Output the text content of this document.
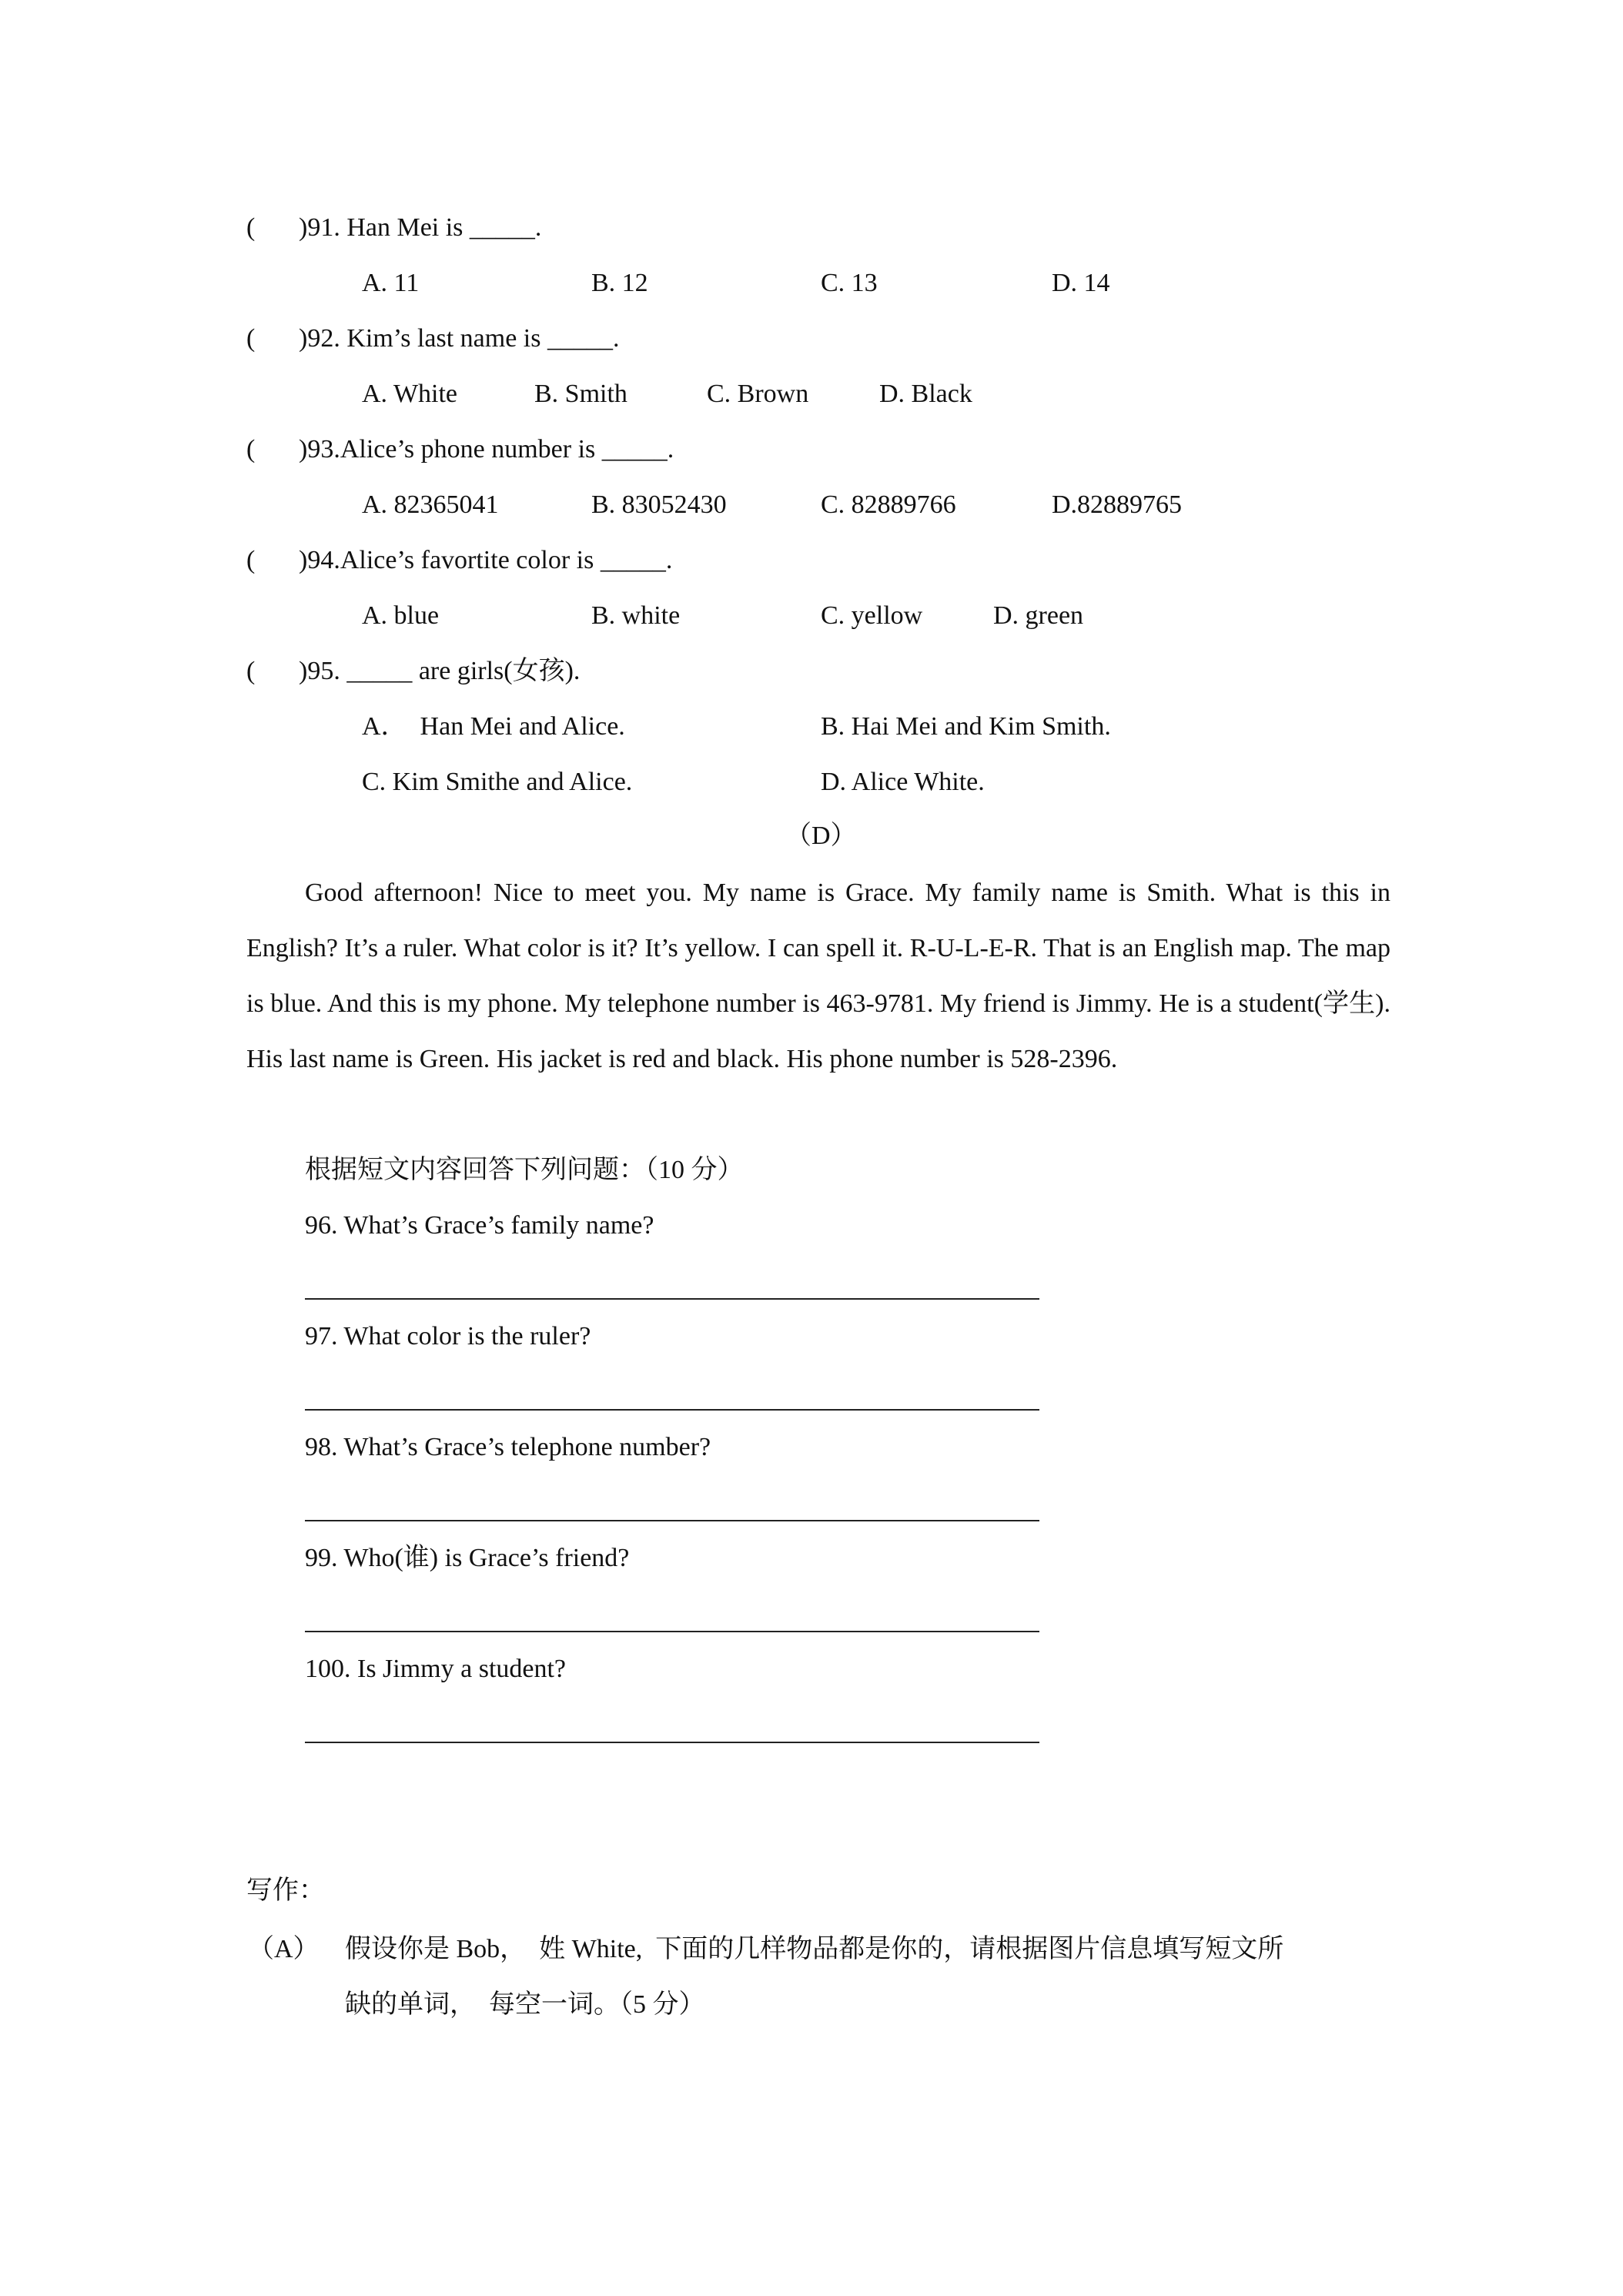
( )91. Han Mei is _____.
A. 11	B. 12	C. 13	D. 14
( )92. Kim’s last name is _____.
A. White	B. Smith	C. Brown	D. Black
( )93.Alice’s phone number is _____.
A. 82365041	B. 83052430	C. 82889766	D.82889765
( )94.Alice’s favortite color is _____.
A. blue	B. white	C. yellow	D. green
( )95. _____ are girls(女孩).
A．  Han Mei and Alice.	B. Hai Mei and Kim Smith.
C. Kim Smithe and Alice.	D. Alice White.
（D）
Good afternoon! Nice to meet you. My name is Grace. My family name is Smith. What is this in English? It’s a ruler. What color is it? It’s yellow. I can spell it. R-U-L-E-R. That is an English map. The map is blue. And this is my phone. My telephone number is 463-9781. My friend is Jimmy. He is a student(学生). His last name is Green. His jacket is red and black. His phone number is 528-2396.
根据短文内容回答下列问题：（10 分）
96. What’s Grace’s family name?
97. What color is the ruler?
98. What’s Grace’s telephone number?
99. Who(谁) is Grace’s friend?
100. Is Jimmy a student?
写作：
（A） 假设你是 Bob，  姓 White,  下面的几样物品都是你的，请根据图片信息填写短文所
缺的单词，  每空一词。（5 分）
